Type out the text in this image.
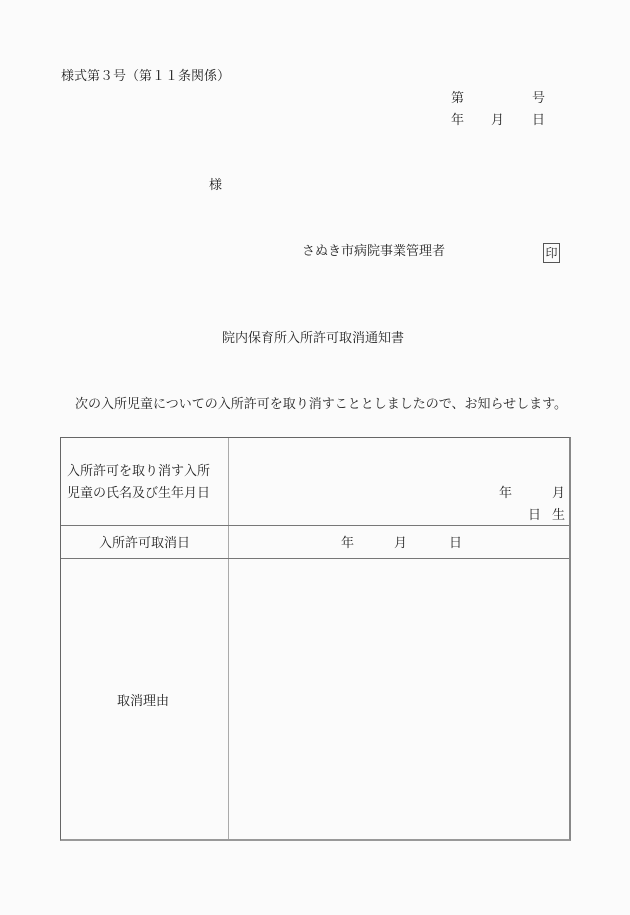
様式第３号（第１１条関係）
第	号
年 月 日
様
さぬき市病院事業管理者	印
院内保育所入所許可取消通知書
次の入所児童についての入所許可を取り消すこととしましたので、お知らせします。
入所許可を取り消す入所
児童の氏名及び生年月日	年	月
日 生
入所許可取消日	年	月	日
取消理由
